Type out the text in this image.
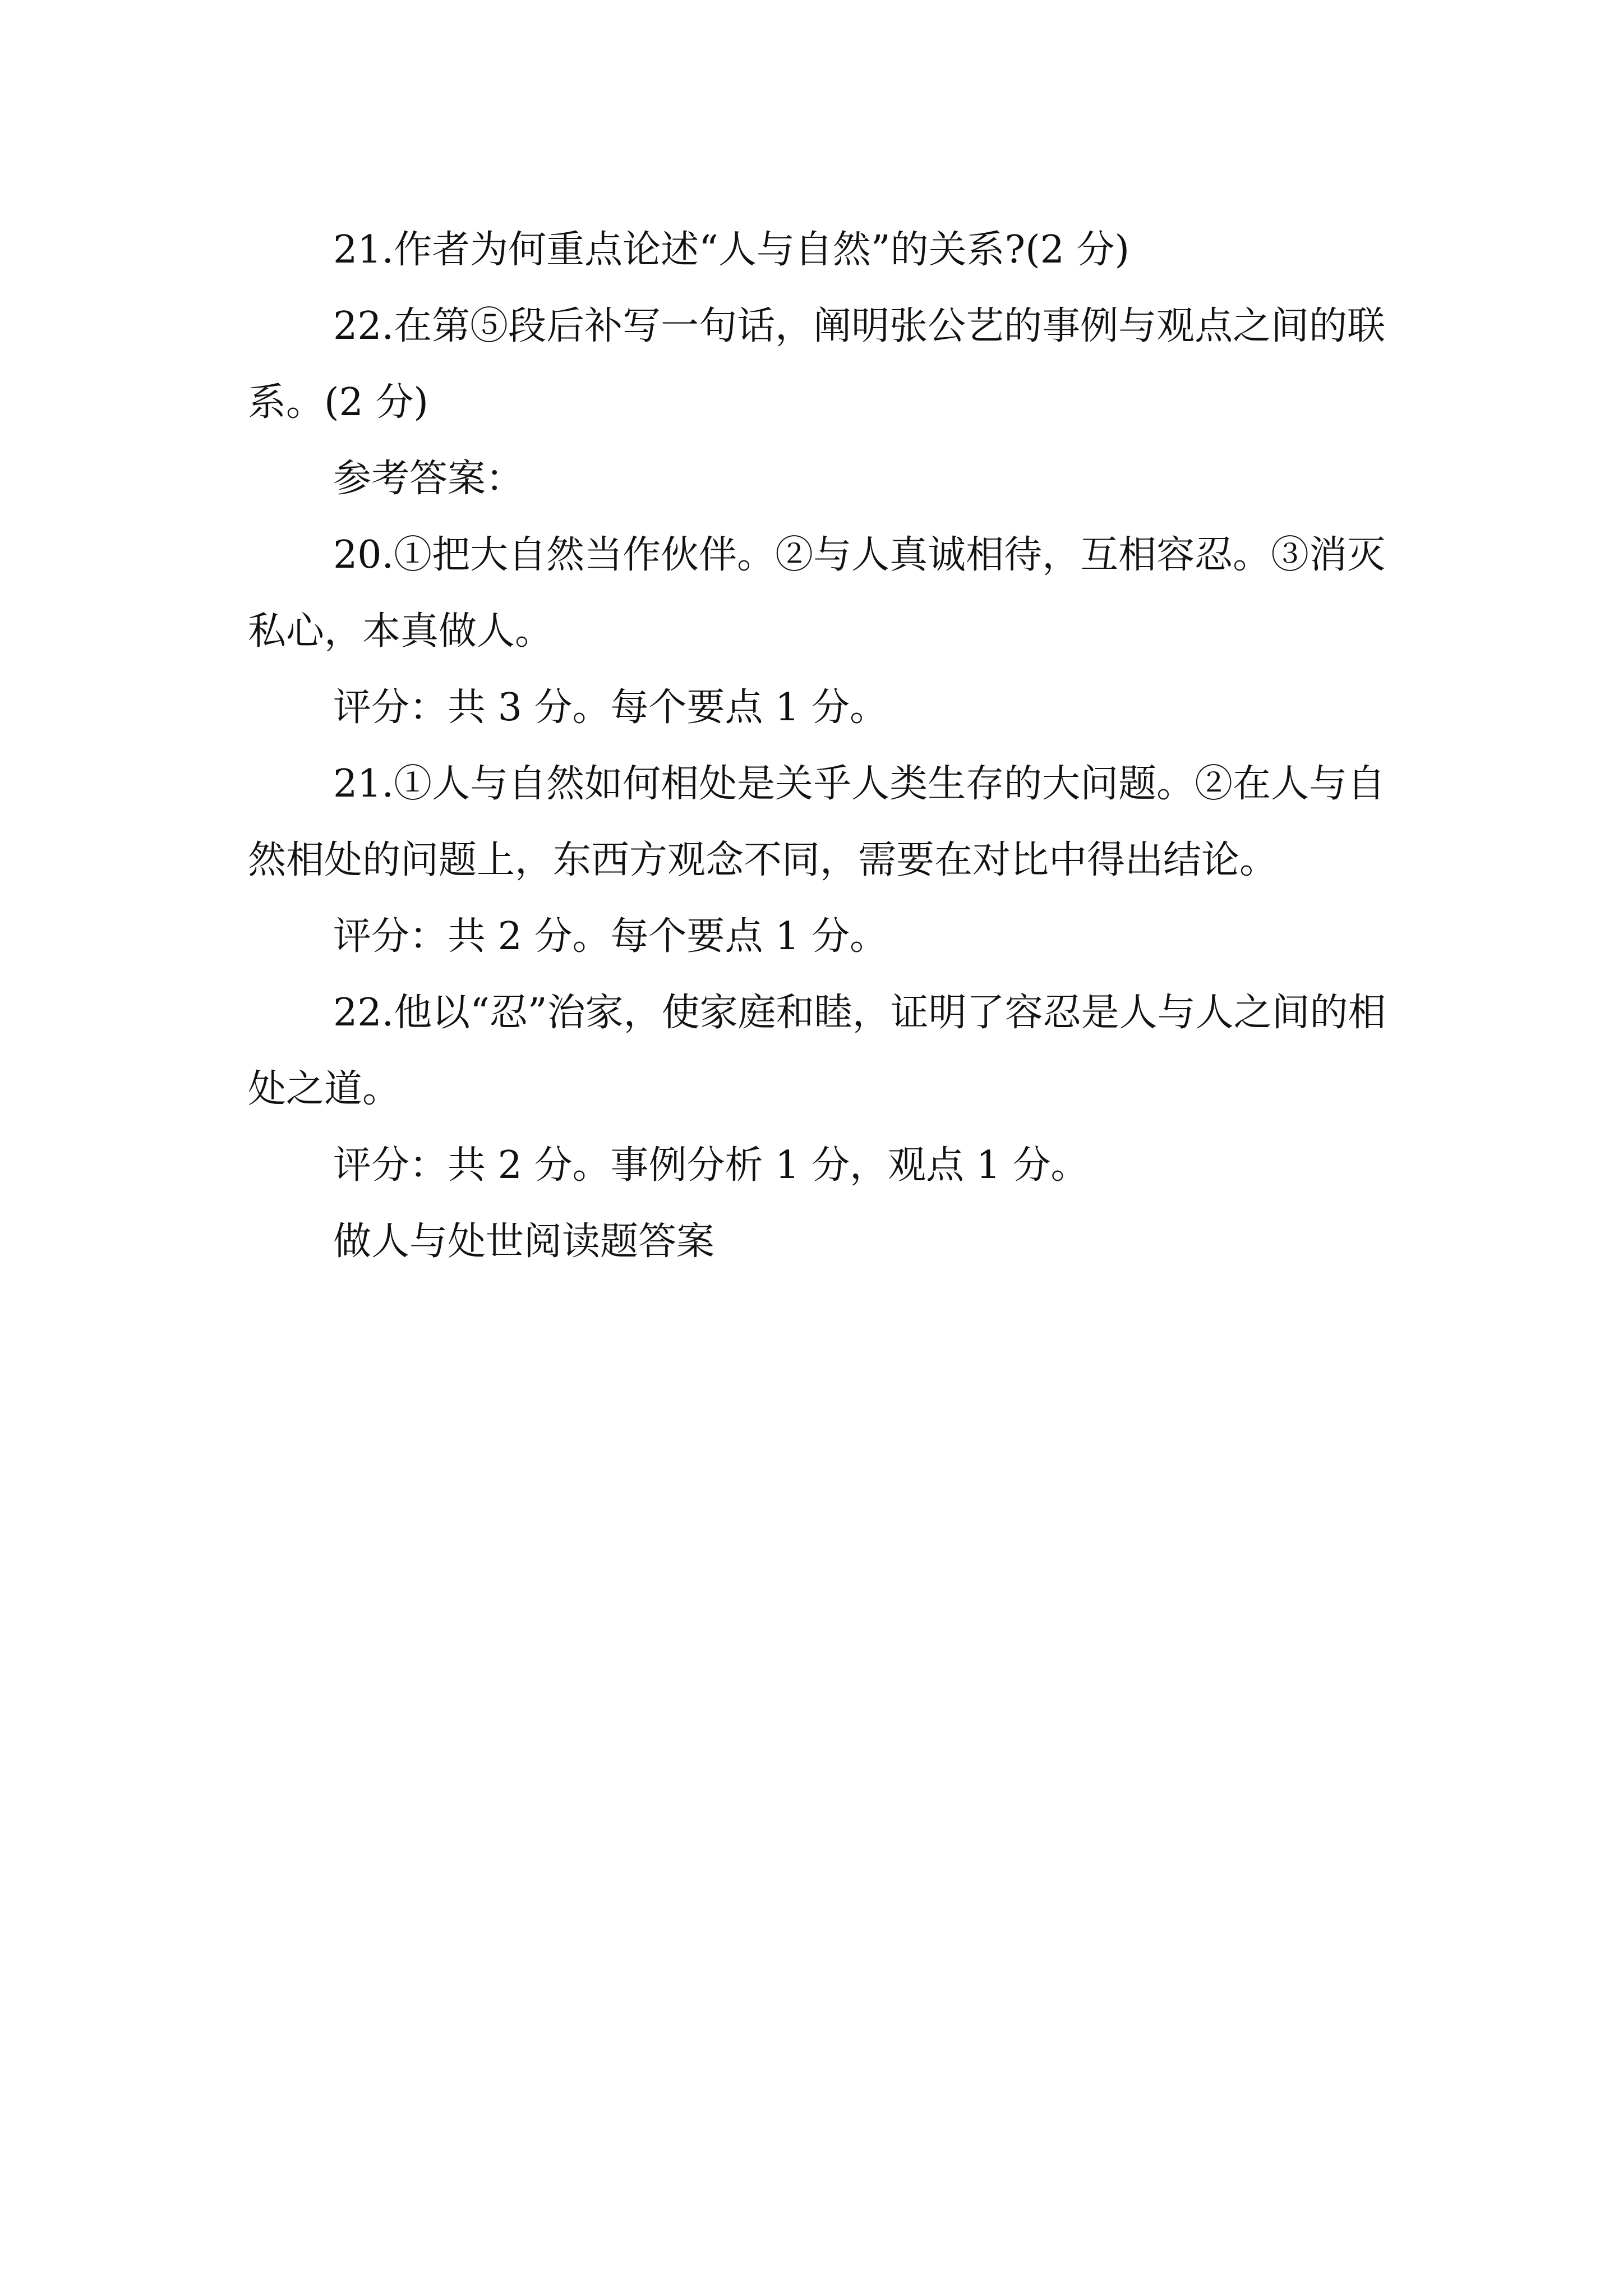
21.作者为何重点论述“人与自然”的关系?(2 分)

22.在第⑤段后补写一句话，阐明张公艺的事例与观点之间的联系。(2 分)

参考答案：

20.①把大自然当作伙伴。②与人真诚相待，互相容忍。③消灭私心，本真做人。

评分：共 3 分。每个要点 1 分。

21.①人与自然如何相处是关乎人类生存的大问题。②在人与自然相处的问题上，东西方观念不同，需要在对比中得出结论。

评分：共 2 分。每个要点 1 分。

22.他以“忍”治家，使家庭和睦，证明了容忍是人与人之间的相处之道。

评分：共 2 分。事例分析 1 分，观点 1 分。

做人与处世阅读题答案
